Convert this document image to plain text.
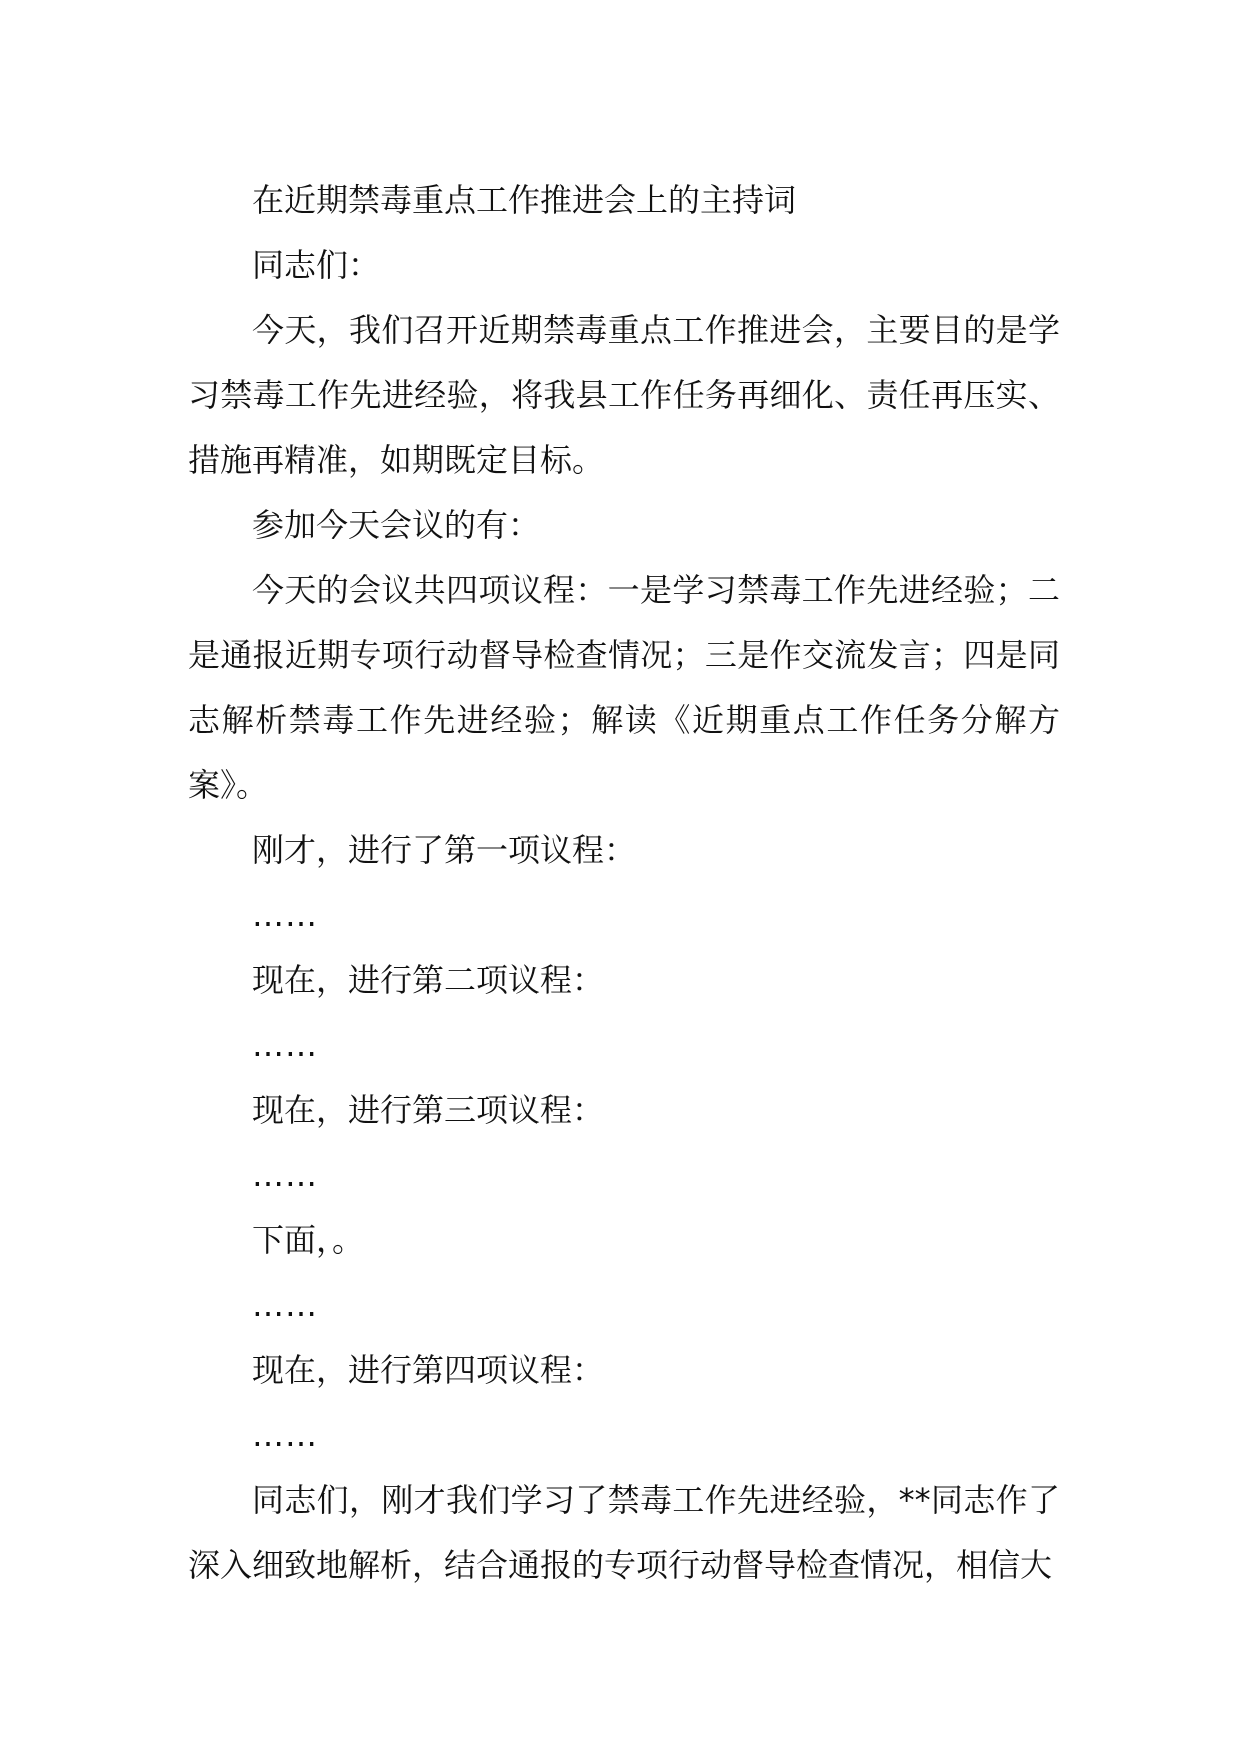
在近期禁毒重点工作推进会上的主持词

同志们：

今天，我们召开近期禁毒重点工作推进会，主要目的是学习禁毒工作先进经验，将我县工作任务再细化、责任再压实、措施再精准，如期既定目标。

参加今天会议的有：

今天的会议共四项议程：一是学习禁毒工作先进经验；二是通报近期专项行动督导检查情况；三是作交流发言；四是同志解析禁毒工作先进经验；解读《近期重点工作任务分解方案》。

刚才，进行了第一项议程：

……

现在，进行第二项议程：

……

现在，进行第三项议程：

……

下面，。

……

现在，进行第四项议程：

……

同志们，刚才我们学习了禁毒工作先进经验，**同志作了深入细致地解析，结合通报的专项行动督导检查情况，相信大
